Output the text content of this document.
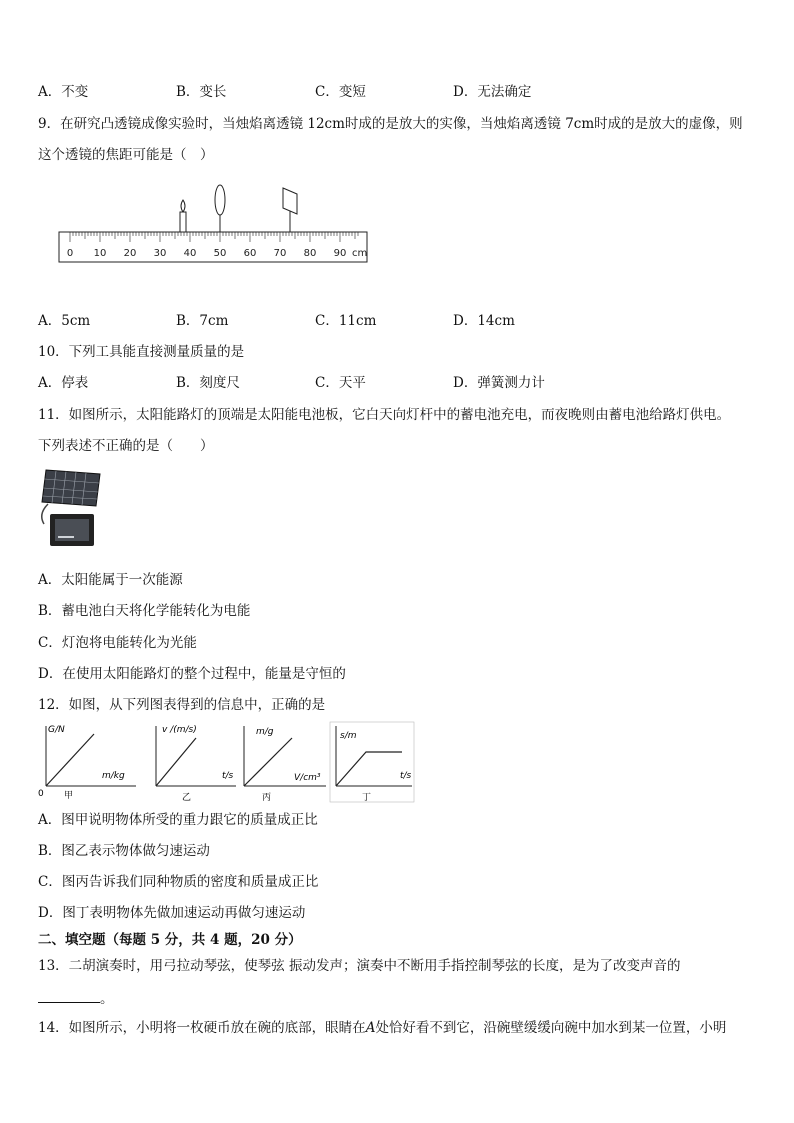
A．不变	B．变长	C．变短	D．无法确定
9．在研究凸透镜成像实验时，当烛焰离透镜 12cm时成的是放大的实像，当烛焰离透镜 7cm时成的是放大的虚像，则
这个透镜的焦距可能是（　）
0 10 20 30 40 50 60 70 80 90 cm
A．5cm	B．7cm	C．11cm	D．14cm
10．下列工具能直接测量质量的是
A．停表	B．刻度尺	C．天平	D．弹簧测力计
11．如图所示，太阳能路灯的顶端是太阳能电池板，它白天向灯杆中的蓄电池充电，而夜晚则由蓄电池给路灯供电。
下列表述不正确的是（　　）
A．太阳能属于一次能源
B．蓄电池白天将化学能转化为电能
C．灯泡将电能转化为光能
D．在使用太阳能路灯的整个过程中，能量是守恒的
12．如图，从下列图表得到的信息中，正确的是
G/N
m/kg
0 甲
v /(m/s)
t/s
乙
m/g
V/cm³
丙
s/m
t/s
丁
A．图甲说明物体所受的重力跟它的质量成正比
B．图乙表示物体做匀速运动
C．图丙告诉我们同种物质的密度和质量成正比
D．图丁表明物体先做加速运动再做匀速运动
二、填空题（每题 5 分，共 4 题，20 分）
13．二胡演奏时，用弓拉动琴弦，使琴弦 振动发声；演奏中不断用手指控制琴弦的长度，是为了改变声音的
。
14．如图所示，小明将一枚硬币放在碗的底部，眼睛在A处恰好看不到它，沿碗壁缓缓向碗中加水到某一位置，小明
